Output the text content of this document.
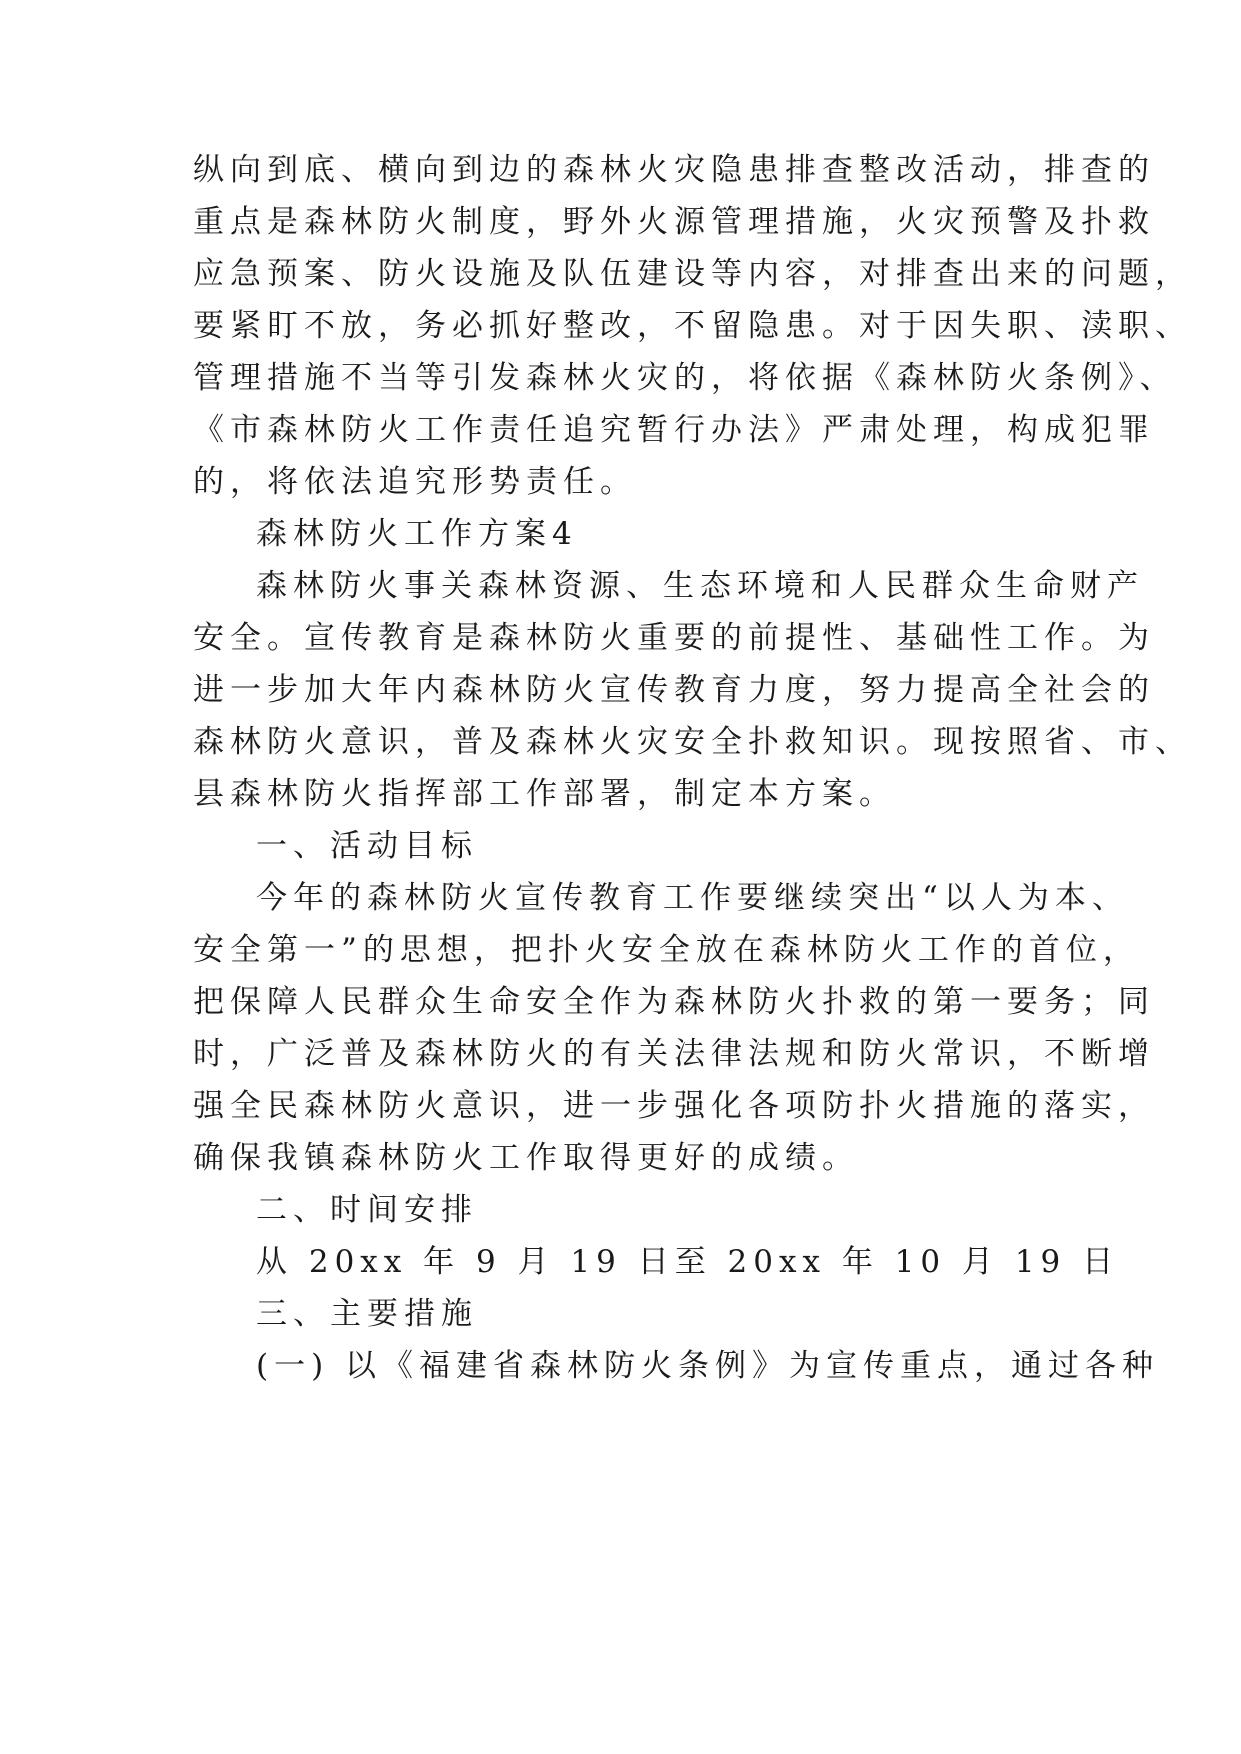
纵向到底、横向到边的森林火灾隐患排查整改活动，排查的
重点是森林防火制度，野外火源管理措施，火灾预警及扑救
应急预案、防火设施及队伍建设等内容，对排查出来的问题，
要紧盯不放，务必抓好整改，不留隐患。对于因失职、渎职、
管理措施不当等引发森林火灾的，将依据《森林防火条例》、
《市森林防火工作责任追究暂行办法》严肃处理，构成犯罪
的，将依法追究形势责任。
森林防火工作方案4
森林防火事关森林资源、生态环境和人民群众生命财产
安全。宣传教育是森林防火重要的前提性、基础性工作。为
进一步加大年内森林防火宣传教育力度，努力提高全社会的
森林防火意识，普及森林火灾安全扑救知识。现按照省、市、
县森林防火指挥部工作部署，制定本方案。
一、活动目标
今年的森林防火宣传教育工作要继续突出“以人为本、
安全第一”的思想，把扑火安全放在森林防火工作的首位，
把保障人民群众生命安全作为森林防火扑救的第一要务；同
时，广泛普及森林防火的有关法律法规和防火常识，不断增
强全民森林防火意识，进一步强化各项防扑火措施的落实，
确保我镇森林防火工作取得更好的成绩。
二、时间安排
从 20xx 年 9 月 19 日至 20xx 年 10 月 19 日
三、主要措施
(一) 以《福建省森林防火条例》为宣传重点，通过各种
